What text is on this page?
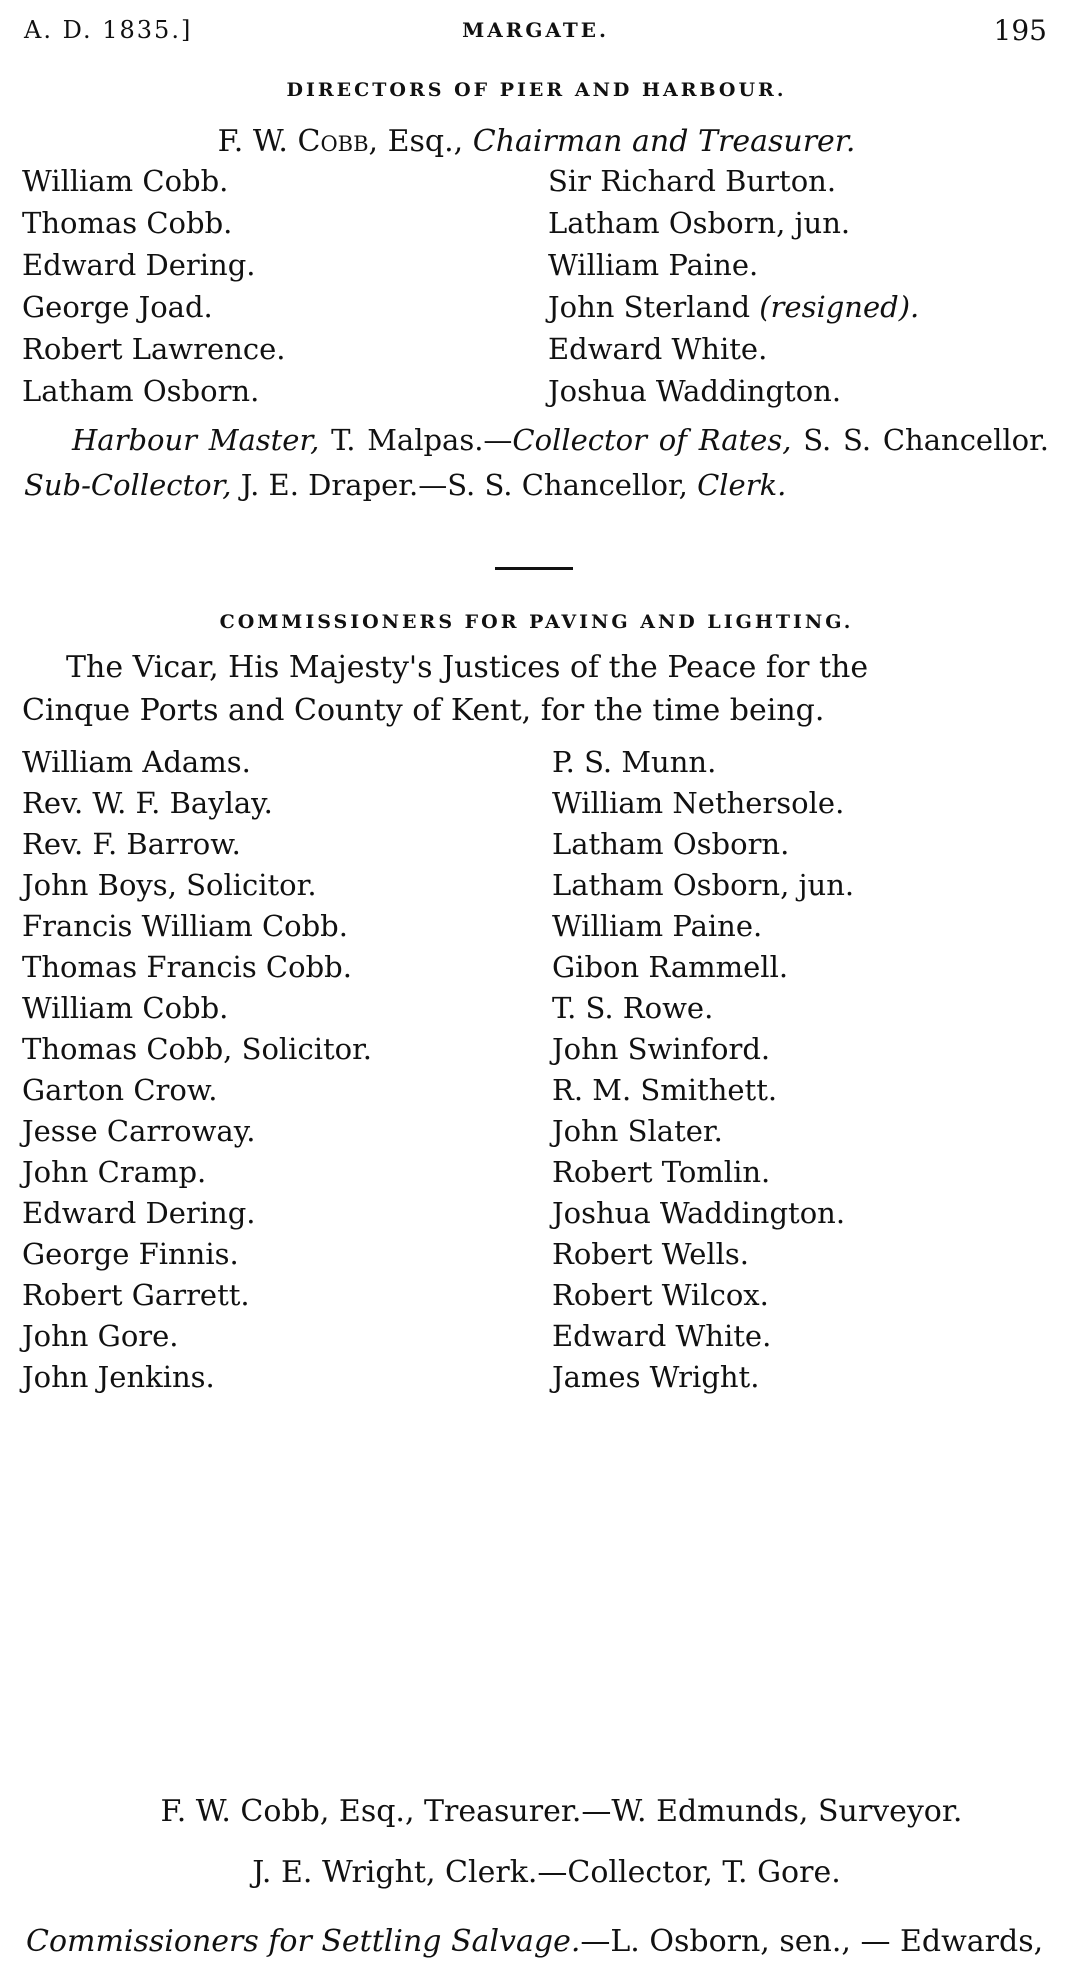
A. D. 1835.]	MARGATE.	195
DIRECTORS OF PIER AND HARBOUR.
F. W. Cobb, Esq., Chairman and Treasurer.
William Cobb.
Thomas Cobb.
Edward Dering.
George Joad.
Robert Lawrence.
Latham Osborn.
Sir Richard Burton.
Latham Osborn, jun.
William Paine.
John Sterland (resigned).
Edward White.
Joshua Waddington.
Harbour Master, T. Malpas.—Collector of Rates, S. S. Chancellor. Sub-Collector, J. E. Draper.—S. S. Chancellor, Clerk.
COMMISSIONERS FOR PAVING AND LIGHTING.
The Vicar, His Majesty's Justices of the Peace for the
Cinque Ports and County of Kent, for the time being.
William Adams.
Rev. W. F. Baylay.
Rev. F. Barrow.
John Boys, Solicitor.
Francis William Cobb.
Thomas Francis Cobb.
William Cobb.
Thomas Cobb, Solicitor.
Garton Crow.
Jesse Carroway.
John Cramp.
Edward Dering.
George Finnis.
Robert Garrett.
John Gore.
John Jenkins.
P. S. Munn.
William Nethersole.
Latham Osborn.
Latham Osborn, jun.
William Paine.
Gibon Rammell.
T. S. Rowe.
John Swinford.
R. M. Smithett.
John Slater.
Robert Tomlin.
Joshua Waddington.
Robert Wells.
Robert Wilcox.
Edward White.
James Wright.
F. W. Cobb, Esq., Treasurer.—W. Edmunds, Surveyor.
J. E. Wright, Clerk.—Collector, T. Gore.
Commissioners for Settling Salvage.—L. Osborn, sen., — Edwards,
